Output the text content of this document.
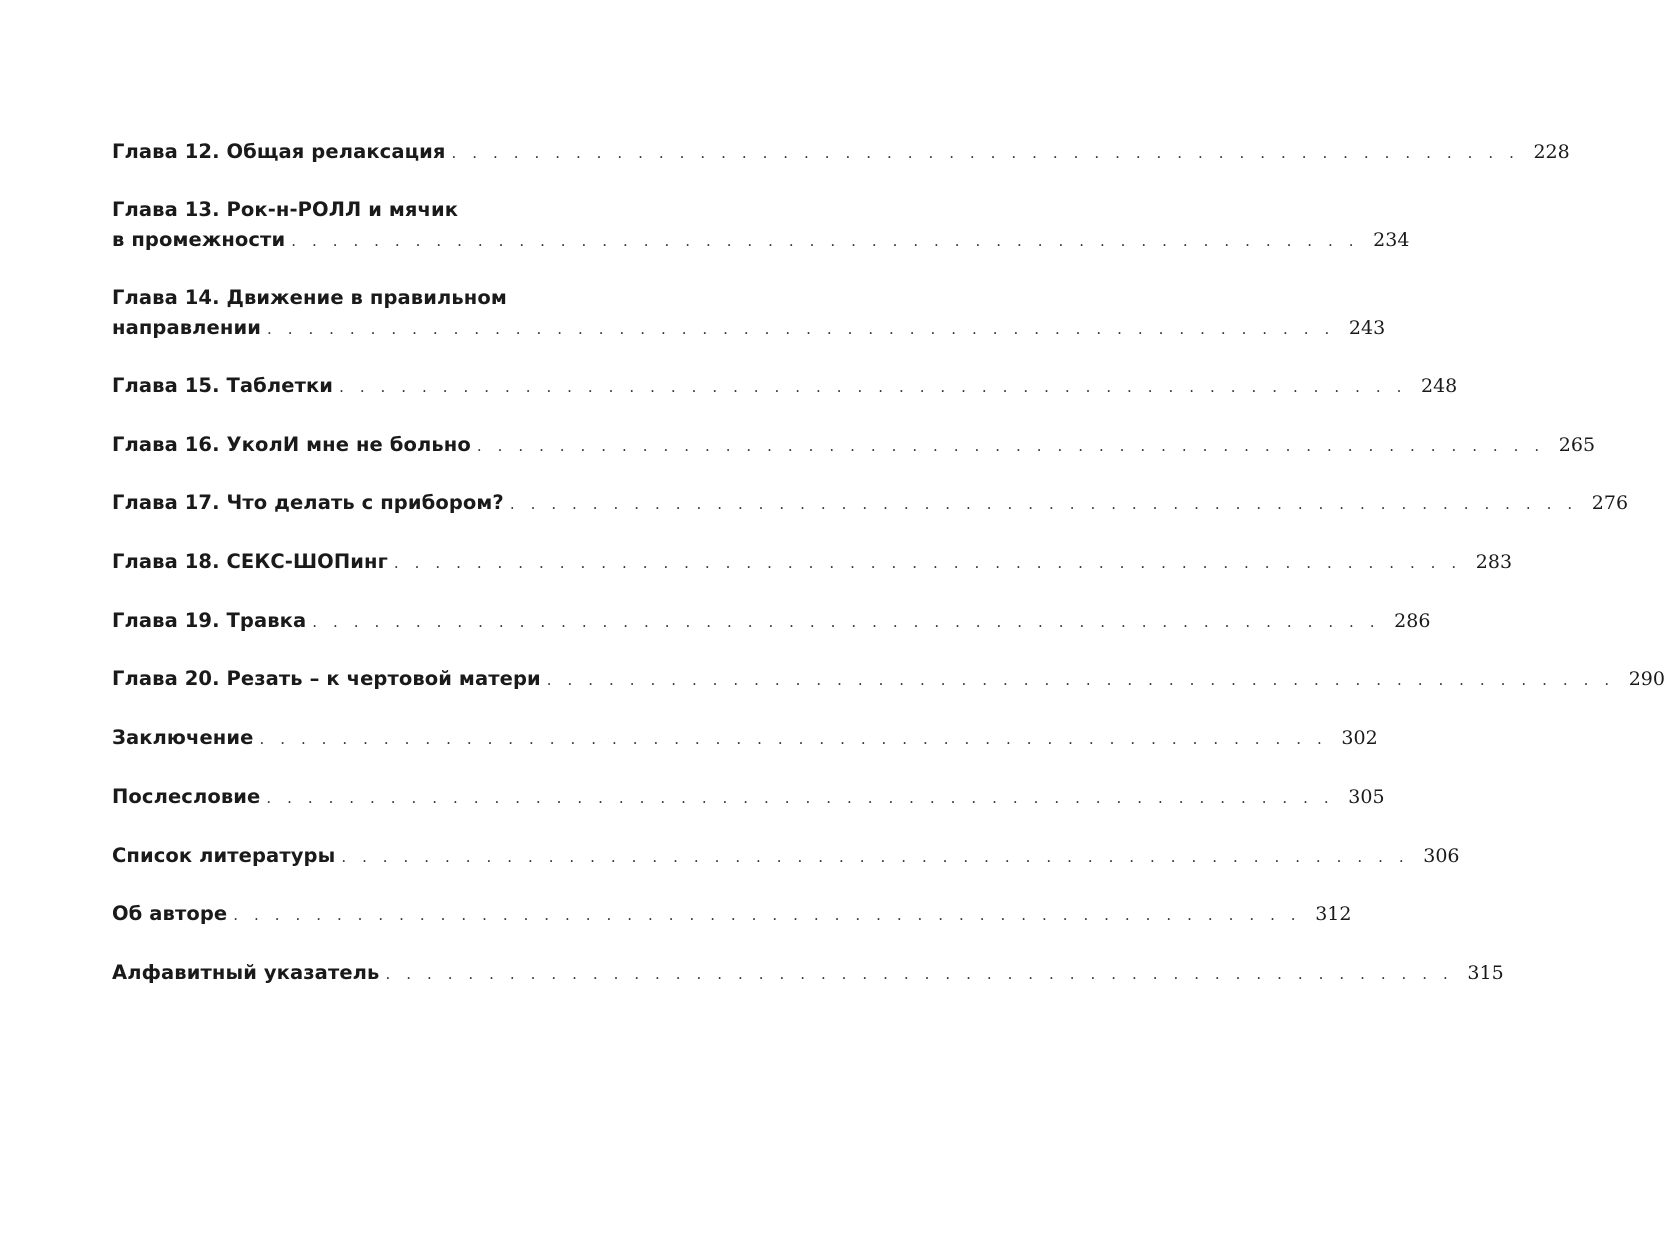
Глава 12. Общая релаксация . . . . . . . . . . . . . . . . . . . . . . . . . . . . . . . . . . . . . . . . . . . . . . . . . . . . 228
Глава 13. Рок-н-РОЛЛ и мячик
в промежности . . . . . . . . . . . . . . . . . . . . . . . . . . . . . . . . . . . . . . . . . . . . . . . . . . . . 234
Глава 14. Движение в правильном
направлении . . . . . . . . . . . . . . . . . . . . . . . . . . . . . . . . . . . . . . . . . . . . . . . . . . . . 243
Глава 15. Таблетки . . . . . . . . . . . . . . . . . . . . . . . . . . . . . . . . . . . . . . . . . . . . . . . . . . . . 248
Глава 16. УколИ мне не больно . . . . . . . . . . . . . . . . . . . . . . . . . . . . . . . . . . . . . . . . . . . . . . . . . . . . 265
Глава 17. Что делать с прибором? . . . . . . . . . . . . . . . . . . . . . . . . . . . . . . . . . . . . . . . . . . . . . . . . . . . . 276
Глава 18. СЕКС-ШОПинг . . . . . . . . . . . . . . . . . . . . . . . . . . . . . . . . . . . . . . . . . . . . . . . . . . . . 283
Глава 19. Травка . . . . . . . . . . . . . . . . . . . . . . . . . . . . . . . . . . . . . . . . . . . . . . . . . . . . 286
Глава 20. Резать – к чертовой матери . . . . . . . . . . . . . . . . . . . . . . . . . . . . . . . . . . . . . . . . . . . . . . . . . . . . 290
Заключение . . . . . . . . . . . . . . . . . . . . . . . . . . . . . . . . . . . . . . . . . . . . . . . . . . . . 302
Послесловие . . . . . . . . . . . . . . . . . . . . . . . . . . . . . . . . . . . . . . . . . . . . . . . . . . . . 305
Список литературы . . . . . . . . . . . . . . . . . . . . . . . . . . . . . . . . . . . . . . . . . . . . . . . . . . . . 306
Об авторе . . . . . . . . . . . . . . . . . . . . . . . . . . . . . . . . . . . . . . . . . . . . . . . . . . . . 312
Алфавитный указатель . . . . . . . . . . . . . . . . . . . . . . . . . . . . . . . . . . . . . . . . . . . . . . . . . . . . 315
